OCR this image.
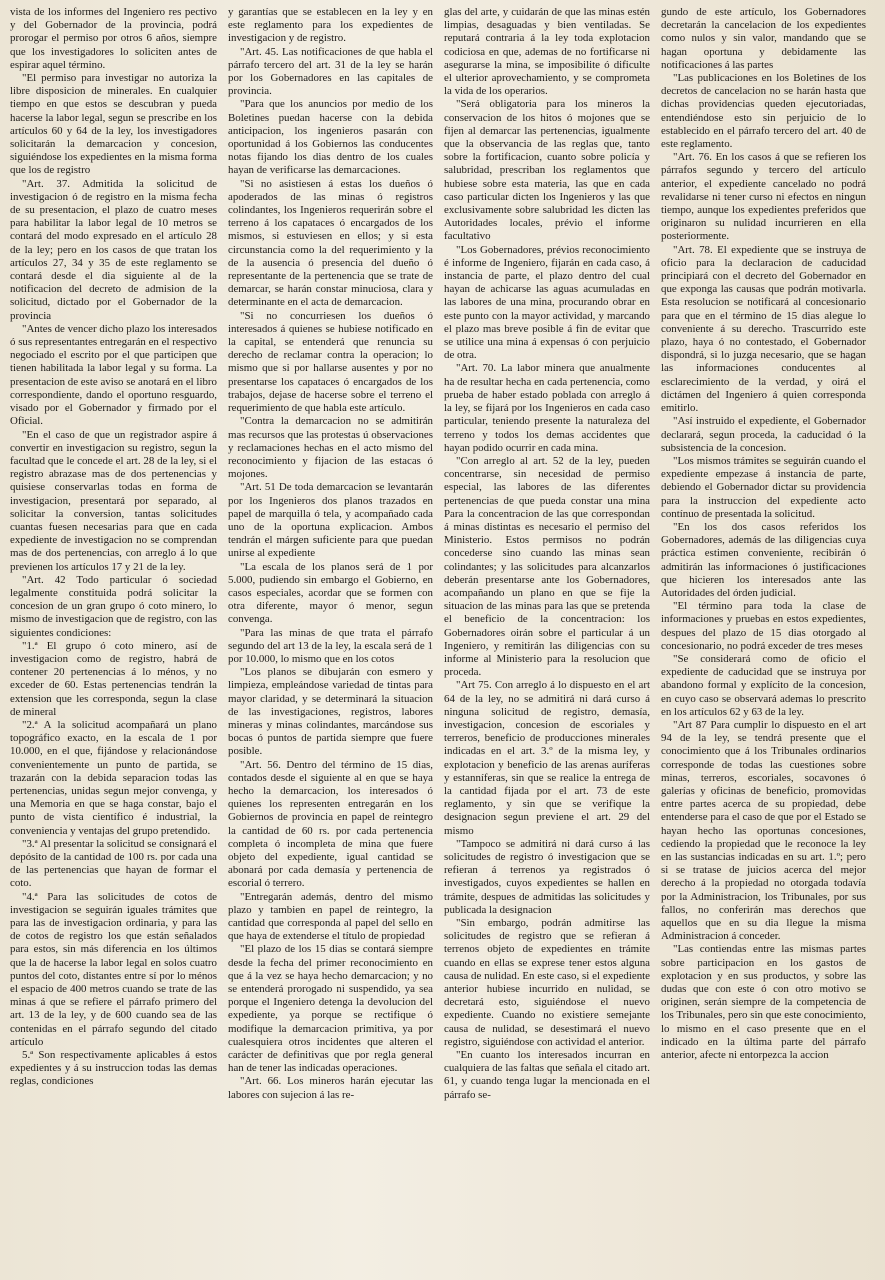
vista de los informes del Ingeniero res pectivo y del Gobernador de la provincia, podrá prorogar el permiso por otros 6 años, siempre que los investigadores lo soliciten antes de espirar aquel término.

"El permiso para investigar no autoriza la libre disposicion de minerales. En cualquier tiempo en que estos se descubran y pueda hacerse la labor legal, segun se prescribe en los artículos 60 y 64 de la ley, los investigadores solicitarán la demarcacion y concesion, siguiéndose los expedientes en la misma forma que los de registro

"Art. 37. Admitida la solicitud de investigacion ó de registro en la misma fecha de su presentacion, el plazo de cuatro meses para habilitar la labor legal de 10 metros se contará del modo expresado en el artículo 28 de la ley; pero en los casos de que tratan los artículos 27, 34 y 35 de este reglamento se contará desde el dia siguiente al de la notificacion del decreto de admision de la solicitud, dictado por el Gobernador de la provincia

"Antes de vencer dicho plazo los interesados ó sus representantes entregarán en el respectivo negociado el escrito por el que participen que tienen habilitada la labor legal y su forma. La presentacion de este aviso se anotará en el libro correspondiente, dando el oportuno resguardo, visado por el Gobernador y firmado por el Oficial.

"En el caso de que un registrador aspire á convertir en investigacion su registro, segun la facultad que le concede el art. 28 de la ley, si el registro abrazase mas de dos pertenencias y quisiese conservarlas todas en forma de investigacion, presentará por separado, al solicitar la conversion, tantas solicitudes cuantas fuesen necesarias para que en cada expediente de investigacion no se comprendan mas de dos pertenencias, con arreglo á lo que previenen los artículos 17 y 21 de la ley.

"Art. 42 Todo particular ó sociedad legalmente constituida podrá solicitar la concesion de un gran grupo ó coto minero, lo mismo de investigacion que de registro, con las siguientes condiciones:

"1.ª El grupo ó coto minero, así de investigacion como de registro, habrá de contener 20 pertenencias á lo ménos, y no exceder de 60. Estas pertenencias tendrán la extension que les corresponda, segun la clase de mineral

"2.ª A la solicitud acompañará un plano topográfico exacto, en la escala de 1 por 10.000, en el que, fijándose y relacionándose convenientemente un punto de partida, se trazarán con la debida separacion todas las pertenencias, unidas segun mejor convenga, y una Memoria en que se haga constar, bajo el punto de vista científico é industrial, la conveniencia y ventajas del grupo pretendido.

"3.ª Al presentar la solicitud se consignará el depósito de la cantidad de 100 rs. por cada una de las pertenencias que hayan de formar el coto.

"4.ª Para las solicitudes de cotos de investigacion se seguirán iguales trámites que para las de investigacion ordinaria, y para las de cotos de registro los que están señalados para estos, sin más diferencia en los últimos que la de hacerse la labor legal en solos cuatro puntos del coto, distantes entre sí por lo ménos el espacio de 400 metros cuando se trate de las minas á que se refiere el párrafo primero del art. 13 de la ley, y de 600 cuando sea de las contenidas en el párrafo segundo del citado artículo

5.ª Son respectivamente aplicables á estos expedientes y á su instruccion todas las demas reglas, condiciones

y garantías que se establecen en la ley y en este reglamento para los expedientes de investigacion y de registro.

"Art. 45. Las notificaciones de que habla el párrafo tercero del art. 31 de la ley se harán por los Gobernadores en las capitales de provincia.

"Para que los anuncios por medio de los Boletines puedan hacerse con la debida anticipacion, los ingenieros pasarán con oportunidad á los Gobiernos las conducentes notas fijando los dias dentro de los cuales hayan de verificarse las demarcaciones.

"Si no asistiesen á estas los dueños ó apoderados de las minas ó registros colindantes, los Ingenieros requerirán sobre el terreno á los capataces ó encargados de los mismos, si estuviesen en ellos; y si esta circunstancia como la del requerimiento y la de la ausencia ó presencia del dueño ó representante de la pertenencia que se trate de demarcar, se harán constar minuciosa, clara y determinante en el acta de demarcacion.

"Si no concurriesen los dueños ó interesados á quienes se hubiese notificado en la capital, se entenderá que renuncia su derecho de reclamar contra la operacion; lo mismo que si por hallarse ausentes y por no presentarse los capataces ó encargados de los trabajos, dejase de hacerse sobre el terreno el requerimiento de que habla este artículo.

"Contra la demarcacion no se admitirán mas recursos que las protestas ú observaciones y reclamaciones hechas en el acto mismo del reconocimiento y fijacion de las estacas ó mojones.

"Art. 51 De toda demarcacion se levantarán por los Ingenieros dos planos trazados en papel de marquilla ó tela, y acompañado cada uno de la oportuna explicacion. Ambos tendrán el márgen suficiente para que puedan unirse al expediente

"La escala de los planos será de 1 por 5.000, pudiendo sin embargo el Gobierno, en casos especiales, acordar que se formen con otra diferente, mayor ó menor, segun convenga.

"Para las minas de que trata el párrafo segundo del art 13 de la ley, la escala será de 1 por 10.000, lo mismo que en los cotos

"Los planos se dibujarán con esmero y limpieza, empleándose variedad de tintas para mayor claridad, y se determinará la situacion de las investigaciones, registros, labores mineras y minas colindantes, marcándose sus bocas ó puntos de partida siempre que fuere posible.

"Art. 56. Dentro del término de 15 dias, contados desde el siguiente al en que se haya hecho la demarcacion, los interesados ó quienes los representen entregarán en los Gobiernos de provincia en papel de reintegro la cantidad de 60 rs. por cada pertenencia completa ó incompleta de mina que fuere objeto del expediente, igual cantidad se abonará por cada demasía y pertenencia de escorial ó terrero.

"Entregarán además, dentro del mismo plazo y tambien en papel de reintegro, la cantidad que corresponda al papel del sello en que haya de extenderse el título de propiedad

"El plazo de los 15 dias se contará siempre desde la fecha del primer reconocimiento en que á la vez se haya hecho demarcacion; y no se entenderá prorogado ni suspendido, ya sea porque el Ingeniero detenga la devolucion del expediente, ya porque se rectifique ó modifique la demarcacion primitiva, ya por cualesquiera otros incidentes que alteren el carácter de definitivas que por regla general han de tener las indicadas operaciones.

"Art. 66. Los mineros harán ejecutar las labores con sujecion á las re-

glas del arte, y cuidarán de que las minas estén limpias, desaguadas y bien ventiladas. Se reputará contraria á la ley toda explotacion codiciosa en que, ademas de no fortificarse ni asegurarse la mina, se imposibilite ó dificulte el ulterior aprovechamiento, y se comprometa la vida de los operarios.

"Será obligatoria para los mineros la conservacion de los hitos ó mojones que se fijen al demarcar las pertenencias, igualmente que la observancia de las reglas que, tanto sobre la fortificacion, cuanto sobre policía y salubridad, prescriban los reglamentos que hubiese sobre esta materia, las que en cada caso particular dicten los Ingenieros y las que exclusivamente sobre salubridad les dicten las Autoridades locales, prévio el informe facultativo

"Los Gobernadores, prévios reconocimiento é informe de Ingeniero, fijarán en cada caso, á instancia de parte, el plazo dentro del cual hayan de achicarse las aguas acumuladas en las labores de una mina, procurando obrar en este punto con la mayor actividad, y marcando el plazo mas breve posible á fin de evitar que se utilice una mina á expensas ó con perjuicio de otra.

"Art. 70. La labor minera que anualmente ha de resultar hecha en cada pertenencia, como prueba de haber estado poblada con arreglo á la ley, se fijará por los Ingenieros en cada caso particular, teniendo presente la naturaleza del terreno y todos los demas accidentes que hayan podido ocurrir en cada mina.

"Con arreglo al art. 52 de la ley, pueden concentrarse, sin necesidad de permiso especial, las labores de las diferentes pertenencias de que pueda constar una mina Para la concentracion de las que correspondan á minas distintas es necesario el permiso del Ministerio. Estos permisos no podrán concederse sino cuando las minas sean colindantes; y las solicitudes para alcanzarlos deberán presentarse ante los Gobernadores, acompañando un plano en que se fije la situacion de las minas para las que se pretenda el beneficio de la concentracion: los Gobernadores oirán sobre el particular á un Ingeniero, y remitirán las diligencias con su informe al Ministerio para la resolucion que proceda.

"Art 75. Con arreglo á lo dispuesto en el art 64 de la ley, no se admitirá ni dará curso á ninguna solicitud de registro, demasía, investigacion, concesion de escoriales y terreros, beneficio de producciones minerales indicadas en el art. 3.º de la misma ley, y explotacion y beneficio de las arenas auríferas y estanníferas, sin que se realice la entrega de la cantidad fijada por el art. 73 de este reglamento, y sin que se verifique la designacion segun previene el art. 29 del mismo

"Tampoco se admitirá ni dará curso á las solicitudes de registro ó investigacion que se refieran á terrenos ya registrados ó investigados, cuyos expedientes se hallen en trámite, despues de admitidas las solicitudes y publicada la designacion

"Sin embargo, podrán admitirse las solicitudes de registro que se refieran á terrenos objeto de expedientes en trámite cuando en ellas se exprese tener estos alguna causa de nulidad. En este caso, si el expediente anterior hubiese incurrido en nulidad, se decretará esto, siguiéndose el nuevo expediente. Cuando no existiere semejante causa de nulidad, se desestimará el nuevo registro, siguiéndose con actividad el anterior.

"En cuanto los interesados incurran en cualquiera de las faltas que señala el citado art. 61, y cuando tenga lugar la mencionada en el párrafo se-

gundo de este artículo, los Gobernadores decretarán la cancelacion de los expedientes como nulos y sin valor, mandando que se hagan oportuna y debidamente las notificaciones á las partes

"Las publicaciones en los Boletines de los decretos de cancelacion no se harán hasta que dichas providencias queden ejecutoriadas, entendiéndose esto sin perjuicio de lo establecido en el párrafo tercero del art. 40 de este reglamento.

"Art. 76. En los casos á que se refieren los párrafos segundo y tercero del artículo anterior, el expediente cancelado no podrá revalidarse ni tener curso ni efectos en ningun tiempo, aunque los expedientes preferidos que originaron su nulidad incurrieren en ella posteriormente.

"Art. 78. El expediente que se instruya de oficio para la declaracion de caducidad principiará con el decreto del Gobernador en que exponga las causas que podrán motivarla. Esta resolucion se notificará al concesionario para que en el término de 15 dias alegue lo conveniente á su derecho. Trascurrido este plazo, haya ó no contestado, el Gobernador dispondrá, si lo juzga necesario, que se hagan las informaciones conducentes al esclarecimiento de la verdad, y oirá el dictámen del Ingeniero á quien corresponda emitirlo.

"Así instruido el expediente, el Gobernador declarará, segun proceda, la caducidad ó la subsistencia de la concesion.

"Los mismos trámites se seguirán cuando el expediente empezase á instancia de parte, debiendo el Gobernador dictar su providencia para la instruccion del expediente acto contínuo de presentada la solicitud.

"En los dos casos referidos los Gobernadores, además de las diligencias cuya práctica estimen conveniente, recibirán ó admitirán las informaciones ó justificaciones que hicieren los interesados ante las Autoridades del órden judicial.

"El término para toda la clase de informaciones y pruebas en estos expedientes, despues del plazo de 15 dias otorgado al concesionario, no podrá exceder de tres meses

"Se considerará como de oficio el expediente de caducidad que se instruya por abandono formal y explícito de la concesion, en cuyo caso se observará ademas lo prescrito en los artículos 62 y 63 de la ley.

"Art 87 Para cumplir lo dispuesto en el art 94 de la ley, se tendrá presente que el conocimiento que á los Tribunales ordinarios corresponde de todas las cuestiones sobre minas, terreros, escoriales, socavones ó galerías y oficinas de beneficio, promovidas entre partes acerca de su propiedad, debe entenderse para el caso de que por el Estado se hayan hecho las oportunas concesiones, cediendo la propiedad que le reconoce la ley en las sustancias indicadas en su art. 1.º; pero si se tratase de juicios acerca del mejor derecho á la propiedad no otorgada todavía por la Administracion, los Tribunales, por sus fallos, no conferirán mas derechos que aquellos que en su dia llegue la misma Administracion á conceder.

"Las contiendas entre las mismas partes sobre participacion en los gastos de explotacion y en sus productos, y sobre las dudas que con este ó con otro motivo se originen, serán siempre de la competencia de los Tribunales, pero sin que este conocimiento, lo mismo en el caso presente que en el indicado en la última parte del párrafo anterior, afecte ni entorpezca la accion
